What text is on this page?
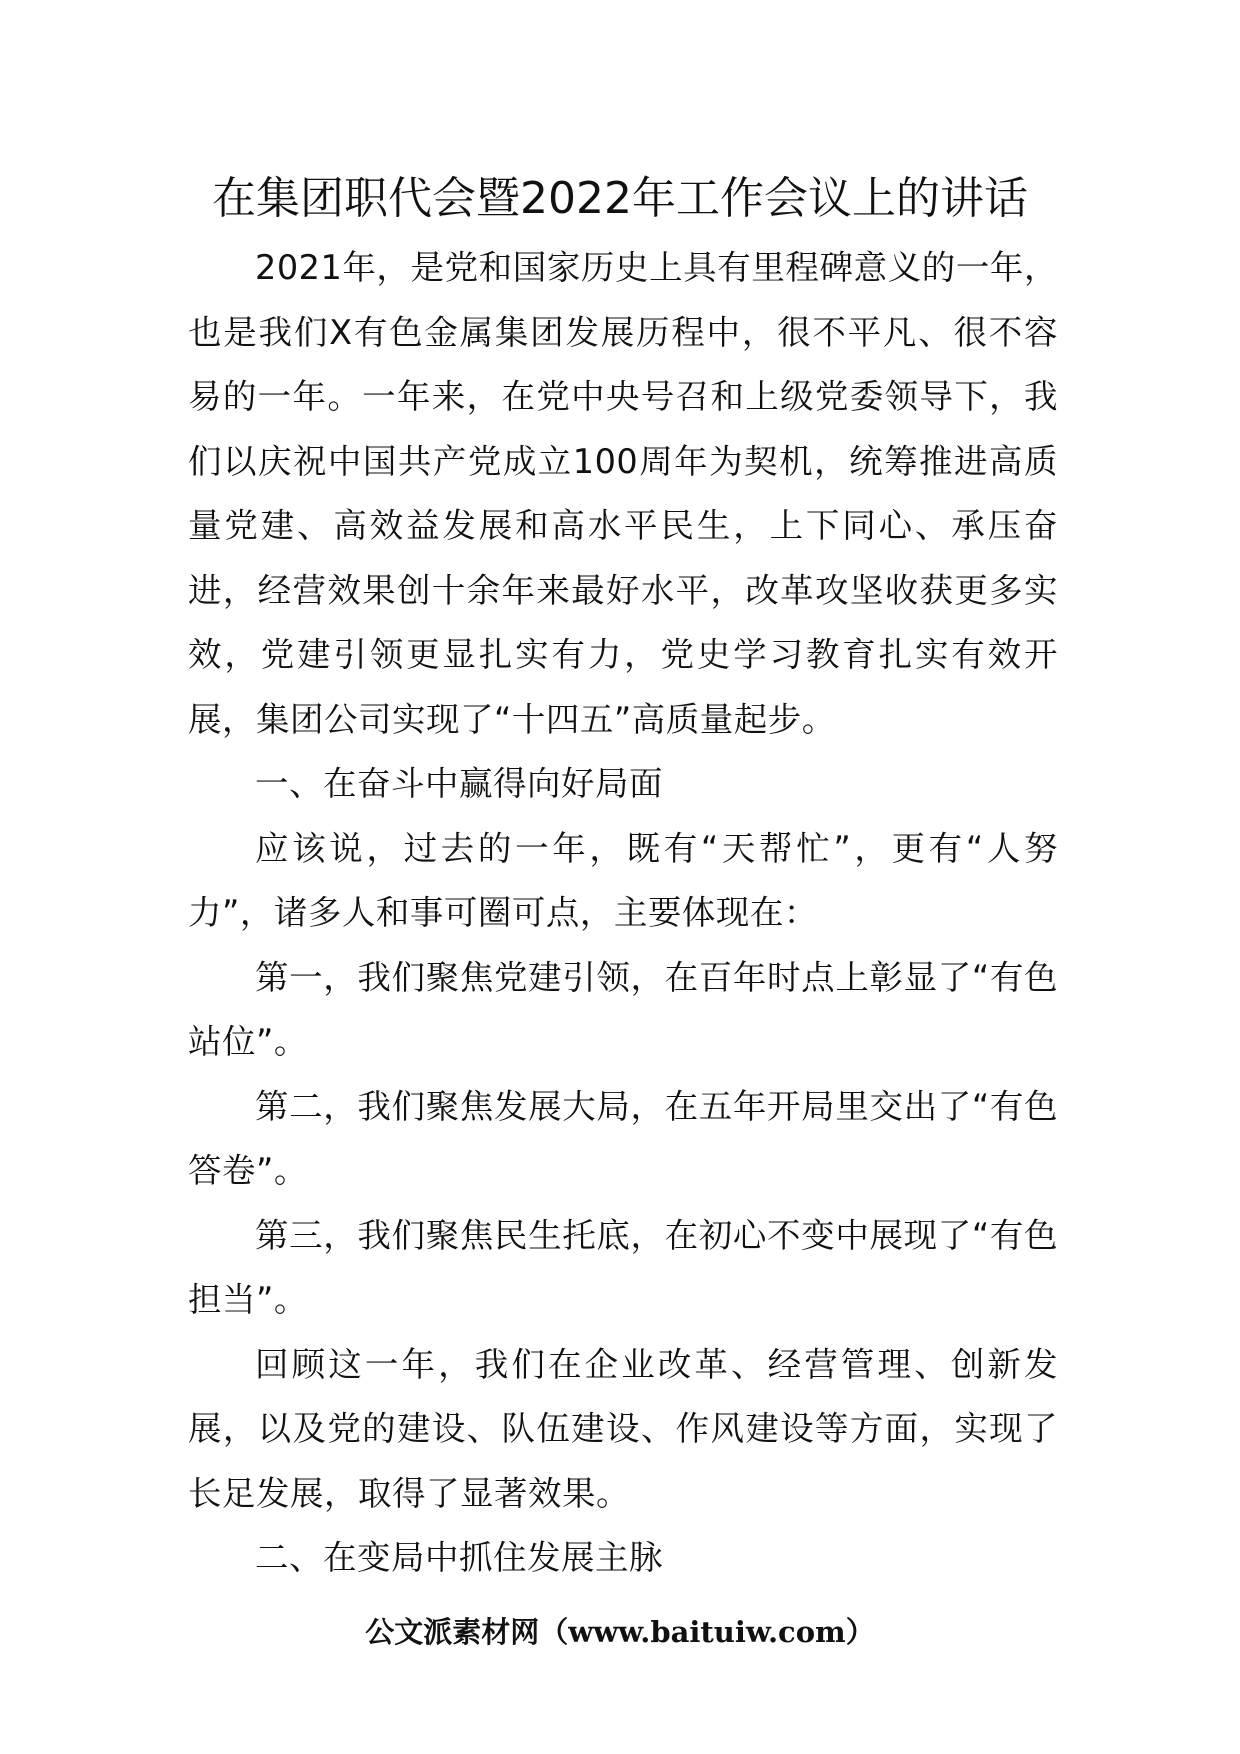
在集团职代会暨2022年工作会议上的讲话

2021年，是党和国家历史上具有里程碑意义的一年，也是我们X有色金属集团发展历程中，很不平凡、很不容易的一年。一年来，在党中央号召和上级党委领导下，我们以庆祝中国共产党成立100周年为契机，统筹推进高质量党建、高效益发展和高水平民生，上下同心、承压奋进，经营效果创十余年来最好水平，改革攻坚收获更多实效，党建引领更显扎实有力，党史学习教育扎实有效开展，集团公司实现了“十四五”高质量起步。

一、在奋斗中赢得向好局面

应该说，过去的一年，既有“天帮忙”，更有“人努力”，诸多人和事可圈可点，主要体现在：

第一，我们聚焦党建引领，在百年时点上彰显了“有色站位”。

第二，我们聚焦发展大局，在五年开局里交出了“有色答卷”。

第三，我们聚焦民生托底，在初心不变中展现了“有色担当”。

回顾这一年，我们在企业改革、经营管理、创新发展，以及党的建设、队伍建设、作风建设等方面，实现了长足发展，取得了显著效果。

二、在变局中抓住发展主脉

公文派素材网（www.baituiw.com）
